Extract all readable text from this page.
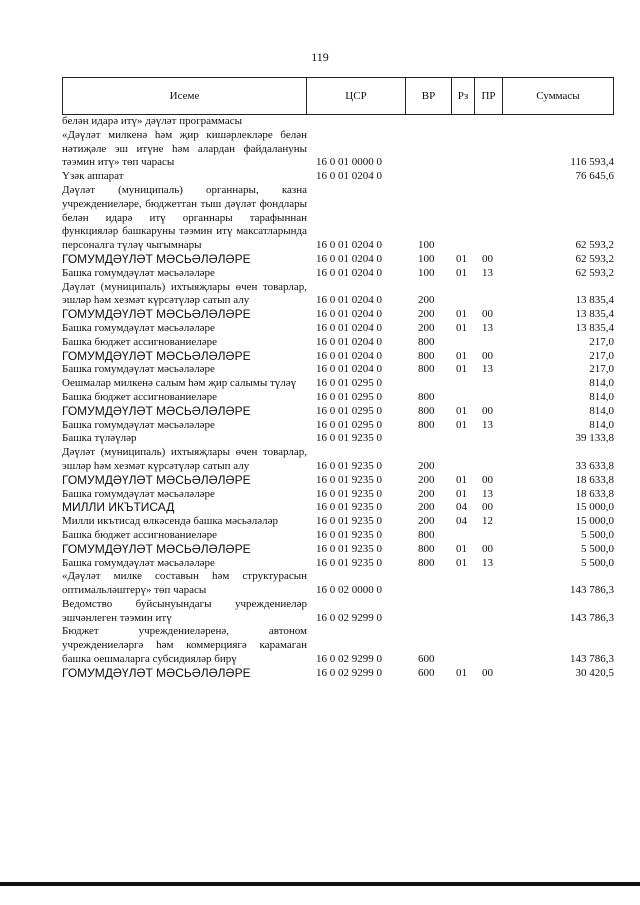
119
Исеме	ЦСР	ВР	Рз	ПР	Суммасы
белән идарә итү» дәүләт программасы
«Дәүләт милкенә һәм җир кишәрлекләре белән нәтиҗәле эш итүне һәм алардан файдалануны тәэмин итү» төп чарасы	16 0 01 0000 0	116 593,4
Үзәк аппарат	16 0 01 0204 0	76 645,6
Дәүләт (муниципаль) органнары, казна учреждениеләре, бюджеттан тыш дәүләт фондлары белән идарә итү органнары тарафыннан функцияләр башкаруны тәэмин итү максатларында персоналга түләү чыгымнары	16 0 01 0204 0	100	62 593,2
ГОМУМДӘҮЛӘТ МӘСЬӘЛӘЛӘРЕ	16 0 01 0204 0	100 01 00	62 593,2
Башка гомумдәүләт мәсьәләләре	16 0 01 0204 0	100 01 13	62 593,2
Дәүләт (муниципаль) ихтыяҗлары өчен товарлар, эшләр һәм хезмәт күрсәтүләр сатып алу	16 0 01 0204 0	200	13 835,4
ГОМУМДӘҮЛӘТ МӘСЬӘЛӘЛӘРЕ	16 0 01 0204 0	200 01 00	13 835,4
Башка гомумдәүләт мәсьәләләре	16 0 01 0204 0	200 01 13	13 835,4
Башка бюджет ассигнованиеләре	16 0 01 0204 0	800	217,0
ГОМУМДӘҮЛӘТ МӘСЬӘЛӘЛӘРЕ	16 0 01 0204 0	800 01 00	217,0
Башка гомумдәүләт мәсьәләләре	16 0 01 0204 0	800 01 13	217,0
Оешмалар милкенә салым һәм җир салымы түләү	16 0 01 0295 0	814,0
Башка бюджет ассигнованиеләре	16 0 01 0295 0	800	814,0
ГОМУМДӘҮЛӘТ МӘСЬӘЛӘЛӘРЕ	16 0 01 0295 0	800 01 00	814,0
Башка гомумдәүләт мәсьәләләре	16 0 01 0295 0	800 01 13	814,0
Башка түләүләр	16 0 01 9235 0	39 133,8
Дәүләт (муниципаль) ихтыяҗлары өчен товарлар, эшләр һәм хезмәт күрсәтүләр сатып алу	16 0 01 9235 0	200	33 633,8
ГОМУМДӘҮЛӘТ МӘСЬӘЛӘЛӘРЕ	16 0 01 9235 0	200 01 00	18 633,8
Башка гомумдәүләт мәсьәләләре	16 0 01 9235 0	200 01 13	18 633,8
МИЛЛИ ИКЪТИСАД	16 0 01 9235 0	200 04 00	15 000,0
Милли икътисад өлкәсендә башка мәсьәләләр	16 0 01 9235 0	200 04 12	15 000,0
Башка бюджет ассигнованиеләре	16 0 01 9235 0	800	5 500,0
ГОМУМДӘҮЛӘТ МӘСЬӘЛӘЛӘРЕ	16 0 01 9235 0	800 01 00	5 500,0
Башка гомумдәүләт мәсьәләләре	16 0 01 9235 0	800 01 13	5 500,0
«Дәүләт милке составын һәм структурасын оптимальләштерү» төп чарасы	16 0 02 0000 0	143 786,3
Ведомство буйсынуындагы учреждениеләр эшчәнлеген тәэмин итү	16 0 02 9299 0	143 786,3
Бюджет учреждениеләренә, автоном учреждениеләргә һәм коммерциягә карамаган башка оешмаларга субсидияләр бирү	16 0 02 9299 0	600	143 786,3
ГОМУМДӘҮЛӘТ МӘСЬӘЛӘЛӘРЕ	16 0 02 9299 0	600 01 00	30 420,5
